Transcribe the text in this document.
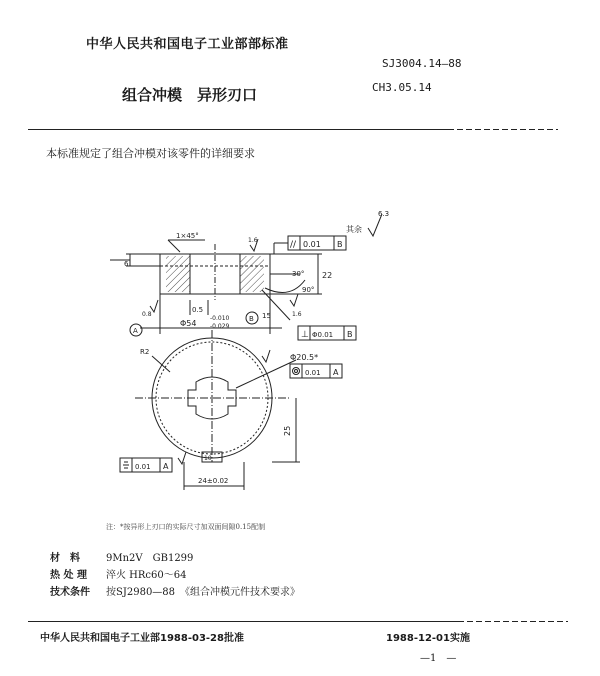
中华人民共和国电子工业部部标准
SJ3004.14—88
CH3.05.14
组合冲模　异形刃口
本标准规定了组合冲模对该零件的详细要求
其余
6.3
1×45°
0.01 B
//
6
22
30°
90°
0.8
1.6
1.6
0.5
Φ54
-0.010
-0.029
A
B 15
⊥ Φ0.01 B
R2
Φ20.5*
0.01 A
25
0.01 A
10
24±0.02
注：*按异形上刃口的实际尺寸加双面间隙0.15配制
材　料	9Mn2V　GB1299
热 处 理 淬火 HRc60～64
技术条件 按SJ2980—88　《组合冲模元件技术要求》
中华人民共和国电子工业部1988-03-28批准	1988-12-01实施
—1　—
